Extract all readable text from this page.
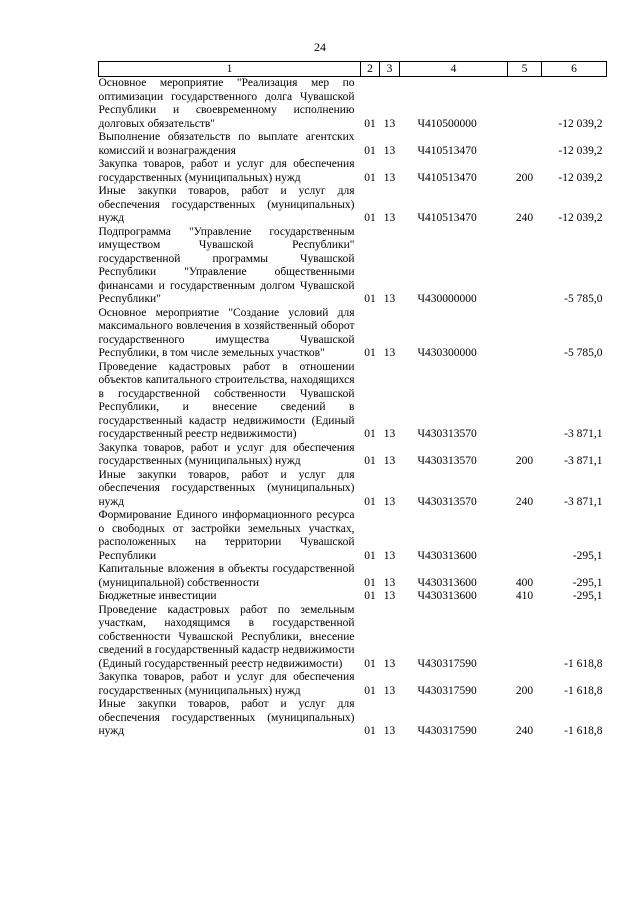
24
1	2	3	4	5	6
Основное мероприятие "Реализация мер по оптимизации государственного долга Чувашской Республики и своевременному исполнению долговых обязательств"	01	13	Ч410500000		-12 039,2
Выполнение обязательств по выплате агентских комиссий и вознаграждения	01	13	Ч410513470		-12 039,2
Закупка товаров, работ и услуг для обеспечения государственных (муниципальных) нужд	01	13	Ч410513470	200	-12 039,2
Иные закупки товаров, работ и услуг для обеспечения государственных (муниципальных) нужд	01	13	Ч410513470	240	-12 039,2
Подпрограмма "Управление государственным имуществом Чувашской Республики" государственной программы Чувашской Республики "Управление общественными финансами и государственным долгом Чувашской Республики"	01	13	Ч430000000		-5 785,0
Основное мероприятие "Создание условий для максимального вовлечения в хозяйственный оборот государственного имущества Чувашской Республики, в том числе земельных участков"	01	13	Ч430300000		-5 785,0
Проведение кадастровых работ в отношении объектов капитального строительства, находящихся в государственной собственности Чувашской Республики, и внесение сведений в государственный кадастр недвижимости (Единый государственный реестр недвижимости)	01	13	Ч430313570		-3 871,1
Закупка товаров, работ и услуг для обеспечения государственных (муниципальных) нужд	01	13	Ч430313570	200	-3 871,1
Иные закупки товаров, работ и услуг для обеспечения государственных (муниципальных) нужд	01	13	Ч430313570	240	-3 871,1
Формирование Единого информационного ресурса о свободных от застройки земельных участках, расположенных на территории Чувашской Республики	01	13	Ч430313600		-295,1
Капитальные вложения в объекты государственной (муниципальной) собственности	01	13	Ч430313600	400	-295,1
Бюджетные инвестиции	01	13	Ч430313600	410	-295,1
Проведение кадастровых работ по земельным участкам, находящимся в государственной собственности Чувашской Республики, внесение сведений в государственный кадастр недвижимости (Единый государственный реестр недвижимости)	01	13	Ч430317590		-1 618,8
Закупка товаров, работ и услуг для обеспечения государственных (муниципальных) нужд	01	13	Ч430317590	200	-1 618,8
Иные закупки товаров, работ и услуг для обеспечения государственных (муниципальных) нужд	01	13	Ч430317590	240	-1 618,8
